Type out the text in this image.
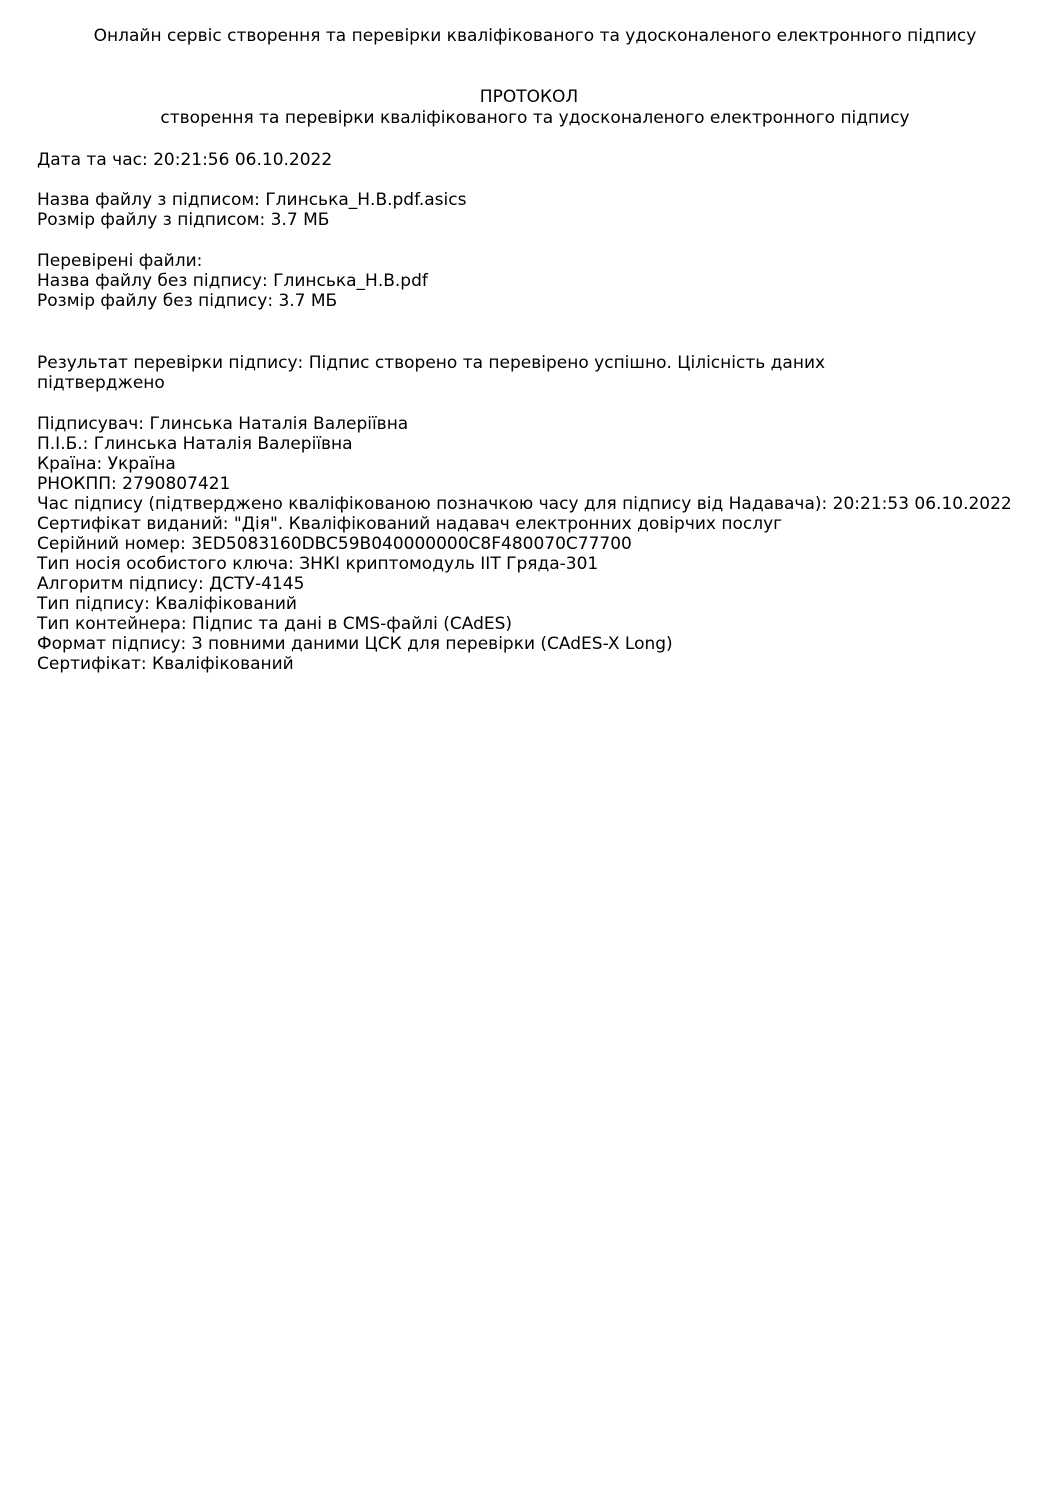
Онлайн сервіс створення та перевірки кваліфікованого та удосконаленого електронного підпису
ПРОТОКОЛ
створення та перевірки кваліфікованого та удосконаленого електронного підпису
Дата та час: 20:21:56 06.10.2022
Назва файлу з підписом: Глинська_Н.В.pdf.asics
Розмір файлу з підписом: 3.7 МБ
Перевірені файли:
Назва файлу без підпису: Глинська_Н.В.pdf
Розмір файлу без підпису: 3.7 МБ
Результат перевірки підпису: Підпис створено та перевірено успішно. Цілісність даних підтверджено
Підписувач: Глинська Наталія Валеріївна
П.І.Б.: Глинська Наталія Валеріївна
Країна: Україна
РНОКПП: 2790807421
Час підпису (підтверджено кваліфікованою позначкою часу для підпису від Надавача): 20:21:53 06.10.2022
Сертифікат виданий: "Дія". Кваліфікований надавач електронних довірчих послуг
Серійний номер: 3ED5083160DBC59B040000000C8F480070C77700
Тип носія особистого ключа: ЗНКІ криптомодуль ІІТ Гряда-301
Алгоритм підпису: ДСТУ-4145
Тип підпису: Кваліфікований
Тип контейнера: Підпис та дані в CMS-файлі (CAdES)
Формат підпису: З повними даними ЦСК для перевірки (CAdES-X Long)
Сертифікат: Кваліфікований
